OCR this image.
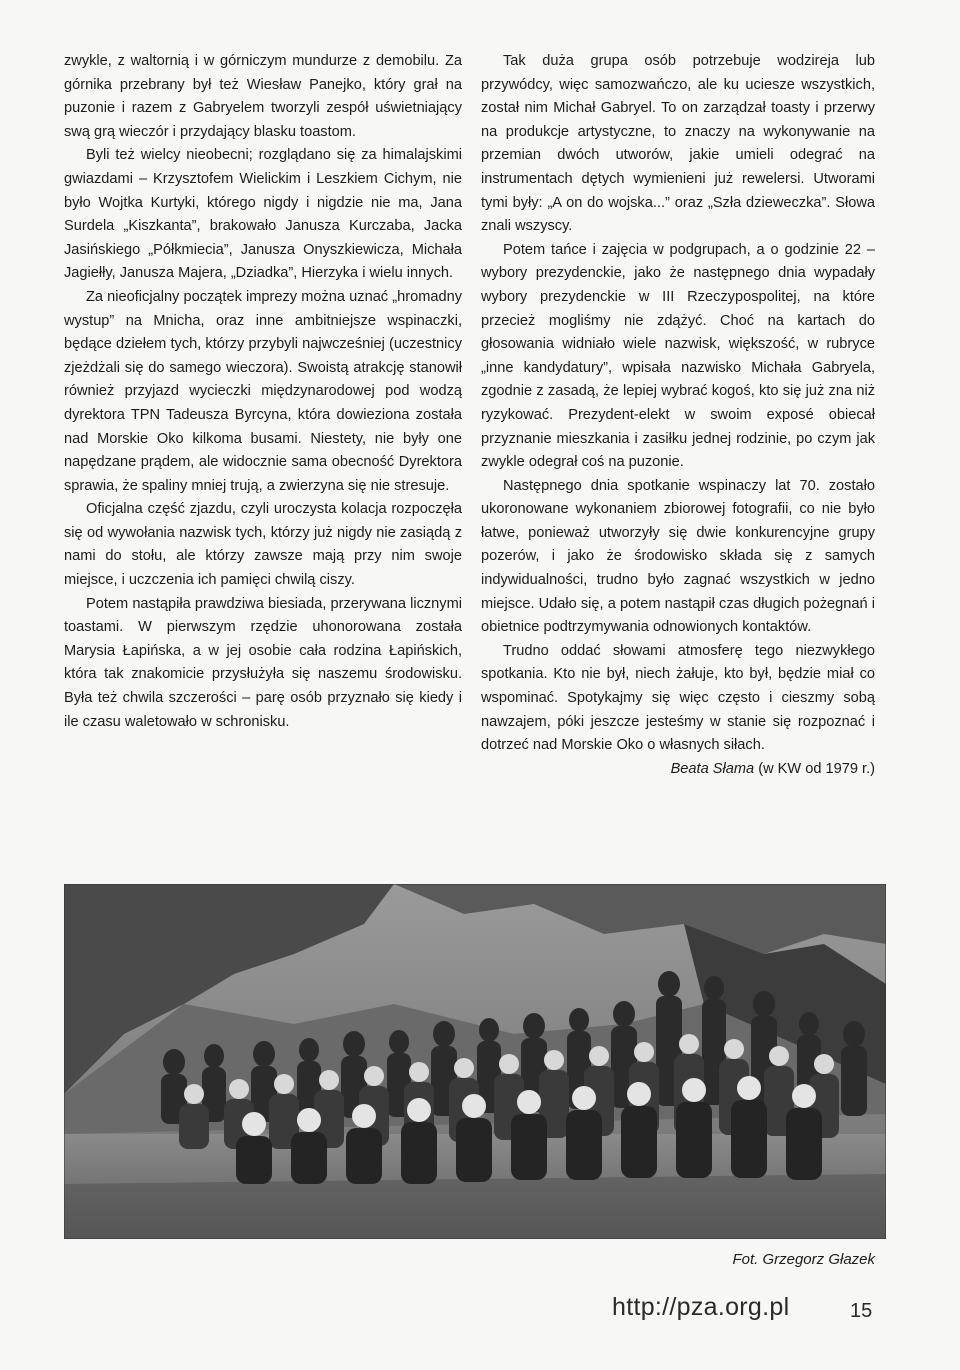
zwykle, z waltornią i w górniczym mundurze z demobilu. Za górnika przebrany był też Wiesław Panejko, który grał na puzonie i razem z Gabryelem tworzyli zespół uświetniający swą grą wieczór i przydający blasku toastom.

Byli też wielcy nieobecni; rozglądano się za himalajskimi gwiazdami – Krzysztofem Wielickim i Leszkiem Cichym, nie było Wojtka Kurtyki, którego nigdy i nigdzie nie ma, Jana Surdela „Kiszkanta”, brakowało Janusza Kurczaba, Jacka Jasińskiego „Półkmiecia”, Janusza Onyszkiewicza, Michała Jagiełły, Janusza Majera, „Dziadka”, Hierzyka i wielu innych.

Za nieoficjalny początek imprezy można uznać „hromadny wystup” na Mnicha, oraz inne ambitniejsze wspinaczki, będące dziełem tych, którzy przybyli najwcześniej (uczestnicy zjeżdżali się do samego wieczora). Swoistą atrakcję stanowił również przyjazd wycieczki międzynarodowej pod wodzą dyrektora TPN Tadeusza Byrcyna, która dowieziona została nad Morskie Oko kilkoma busami. Niestety, nie były one napędzane prądem, ale widocznie sama obecność Dyrektora sprawia, że spaliny mniej trują, a zwierzyna się nie stresuje.

Oficjalna część zjazdu, czyli uroczysta kolacja rozpoczęła się od wywołania nazwisk tych, którzy już nigdy nie zasiądą z nami do stołu, ale którzy zawsze mają przy nim swoje miejsce, i uczczenia ich pamięci chwilą ciszy.

Potem nastąpiła prawdziwa biesiada, przerywana licznymi toastami. W pierwszym rzędzie uhonorowana została Marysia Łapińska, a w jej osobie cała rodzina Łapińskich, która tak znakomicie przysłużyła się naszemu środowisku. Była też chwila szczerości – parę osób przyznało się kiedy i ile czasu waletowało w schronisku.

Tak duża grupa osób potrzebuje wodzireja lub przywódcy, więc samozwańczo, ale ku uciesze wszystkich, został nim Michał Gabryel. To on zarządzał toasty i przerwy na produkcje artystyczne, to znaczy na wykonywanie na przemian dwóch utworów, jakie umieli odegrać na instrumentach dętych wymienieni już rewelersi. Utworami tymi były: „A on do wojska...” oraz „Szła dzieweczka”. Słowa znali wszyscy.

Potem tańce i zajęcia w podgrupach, a o godzinie 22 – wybory prezydenckie, jako że następnego dnia wypadały wybory prezydenckie w III Rzeczypospolitej, na które przecież mogliśmy nie zdążyć. Choć na kartach do głosowania widniało wiele nazwisk, większość, w rubryce „inne kandydatury”, wpisała nazwisko Michała Gabryela, zgodnie z zasadą, że lepiej wybrać kogoś, kto się już zna niż ryzykować. Prezydent-elekt w swoim exposé obiecał przyznanie mieszkania i zasiłku jednej rodzinie, po czym jak zwykle odegrał coś na puzonie.

Następnego dnia spotkanie wspinaczy lat 70. zostało ukoronowane wykonaniem zbiorowej fotografii, co nie było łatwe, ponieważ utworzyły się dwie konkurencyjne grupy pozerów, i jako że środowisko składa się z samych indywidualności, trudno było zagnać wszystkich w jedno miejsce. Udało się, a potem nastąpił czas długich pożegnań i obietnice podtrzymywania odnowionych kontaktów.

Trudno oddać słowami atmosferę tego niezwykłego spotkania. Kto nie był, niech żałuje, kto był, będzie miał co wspominać. Spotykajmy się więc często i cieszmy sobą nawzajem, póki jeszcze jesteśmy w stanie się rozpoznać i dotrzeć nad Morskie Oko o własnych siłach.

Beata Słama (w KW od 1979 r.)

Fot. Grzegorz Głazek
http://pza.org.pl	15
